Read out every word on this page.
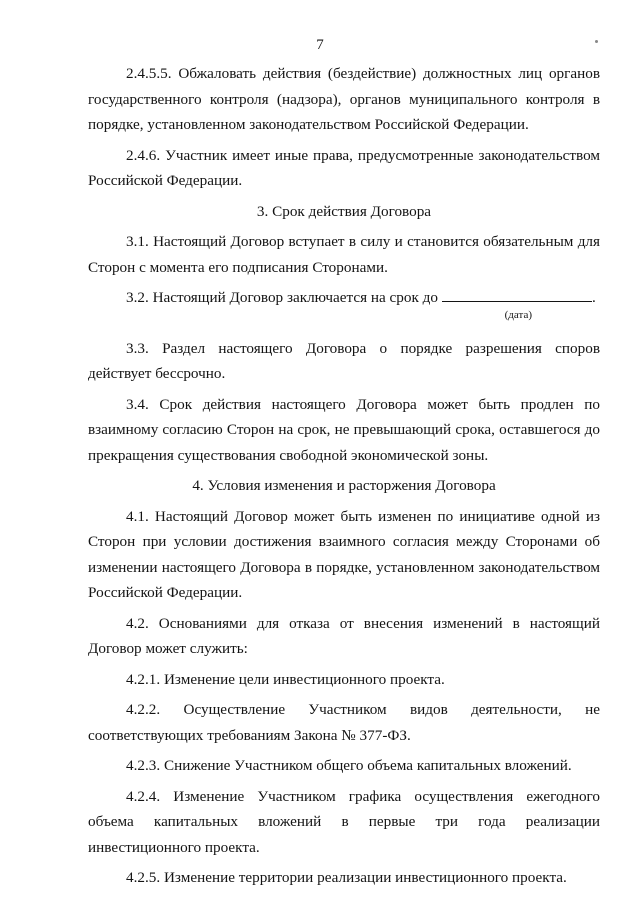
7

2.4.5.5. Обжаловать действия (бездействие) должностных лиц органов государственного контроля (надзора), органов муниципального контроля в порядке, установленном законодательством Российской Федерации.

2.4.6. Участник имеет иные права, предусмотренные законодательством Российской Федерации.

3. Срок действия Договора

3.1. Настоящий Договор вступает в силу и становится обязательным для Сторон с момента его подписания Сторонами.

3.2. Настоящий Договор заключается на срок до	.

(дата)

3.3. Раздел настоящего Договора о порядке разрешения споров действует бессрочно.

3.4. Срок действия настоящего Договора может быть продлен по взаимному согласию Сторон на срок, не превышающий срока, оставшегося до прекращения существования свободной экономической зоны.

4. Условия изменения и расторжения Договора

4.1. Настоящий Договор может быть изменен по инициативе одной из Сторон при условии достижения взаимного согласия между Сторонами об изменении настоящего Договора в порядке, установленном законодательством Российской Федерации.

4.2. Основаниями для отказа от внесения изменений в настоящий Договор может служить:

4.2.1. Изменение цели инвестиционного проекта.

4.2.2. Осуществление Участником видов деятельности, не соответствующих требованиям Закона № 377-ФЗ.

4.2.3. Снижение Участником общего объема капитальных вложений.

4.2.4. Изменение Участником графика осуществления ежегодного объема капитальных вложений в первые три года реализации инвестиционного проекта.

4.2.5. Изменение территории реализации инвестиционного проекта.
